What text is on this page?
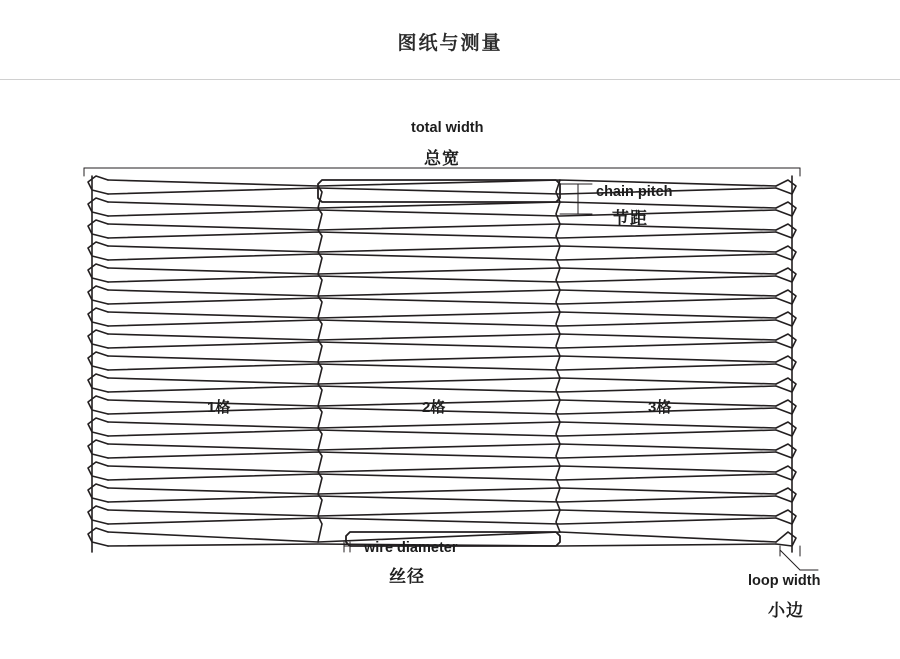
图纸与测量
total width
总宽
chain pitch
节距
wire diameter
丝径	loop width
小边
1格	2格	3格
